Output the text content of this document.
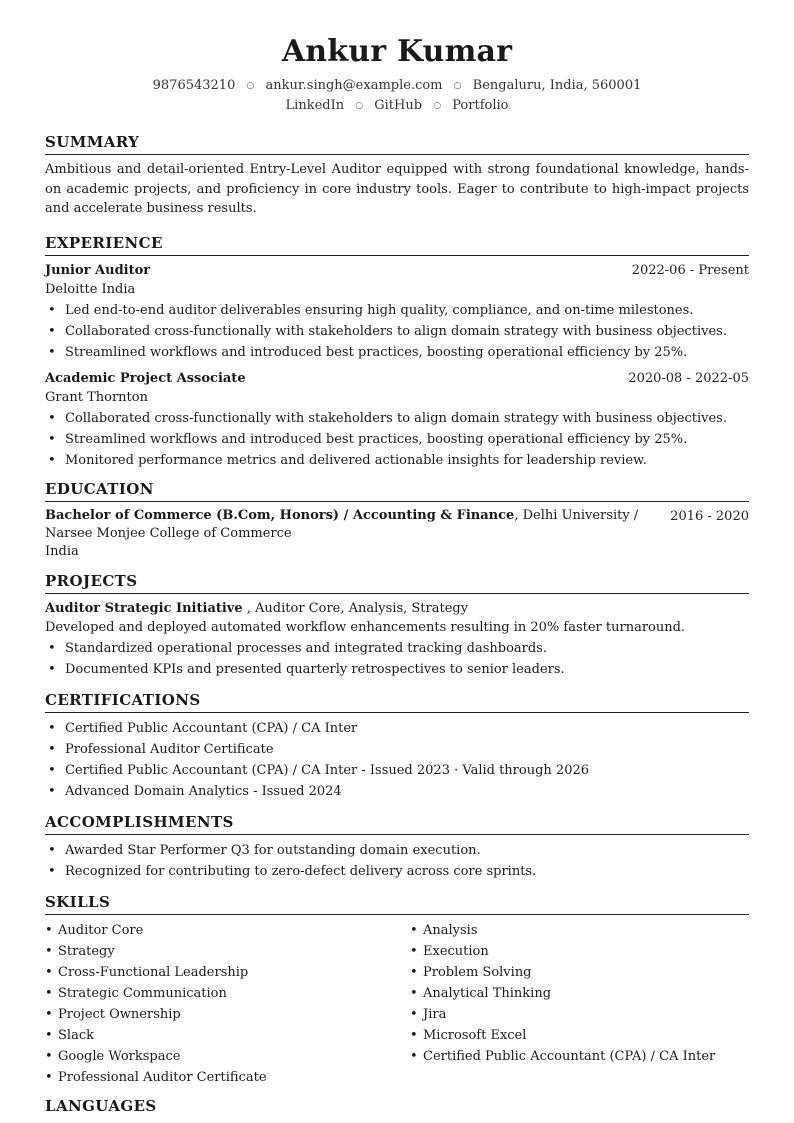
Ankur Kumar
9876543210 ○ ankur.singh@example.com ○ Bengaluru, India, 560001
LinkedIn ○ GitHub ○ Portfolio
SUMMARY
Ambitious and detail-oriented Entry-Level Auditor equipped with strong foundational knowledge, hands-on academic projects, and proficiency in core industry tools. Eager to contribute to high-impact projects and accelerate business results.
EXPERIENCE
Junior Auditor	2022-06 - Present
Deloitte India
• Led end-to-end auditor deliverables ensuring high quality, compliance, and on-time milestones.
• Collaborated cross-functionally with stakeholders to align domain strategy with business objectives.
• Streamlined workflows and introduced best practices, boosting operational efficiency by 25%.
Academic Project Associate	2020-08 - 2022-05
Grant Thornton
• Collaborated cross-functionally with stakeholders to align domain strategy with business objectives.
• Streamlined workflows and introduced best practices, boosting operational efficiency by 25%.
• Monitored performance metrics and delivered actionable insights for leadership review.
EDUCATION
Bachelor of Commerce (B.Com, Honors) / Accounting & Finance, Delhi University / Narsee Monjee College of Commerce
India
2016 - 2020
PROJECTS
Auditor Strategic Initiative , Auditor Core, Analysis, Strategy
Developed and deployed automated workflow enhancements resulting in 20% faster turnaround.
• Standardized operational processes and integrated tracking dashboards.
• Documented KPIs and presented quarterly retrospectives to senior leaders.
CERTIFICATIONS
• Certified Public Accountant (CPA) / CA Inter
• Professional Auditor Certificate
• Certified Public Accountant (CPA) / CA Inter - Issued 2023 · Valid through 2026
• Advanced Domain Analytics - Issued 2024
ACCOMPLISHMENTS
• Awarded Star Performer Q3 for outstanding domain execution.
• Recognized for contributing to zero-defect delivery across core sprints.
SKILLS
• Auditor Core
• Strategy
• Cross-Functional Leadership
• Strategic Communication
• Project Ownership
• Slack
• Google Workspace
• Professional Auditor Certificate
• Analysis
• Execution
• Problem Solving
• Analytical Thinking
• Jira
• Microsoft Excel
• Certified Public Accountant (CPA) / CA Inter
LANGUAGES
